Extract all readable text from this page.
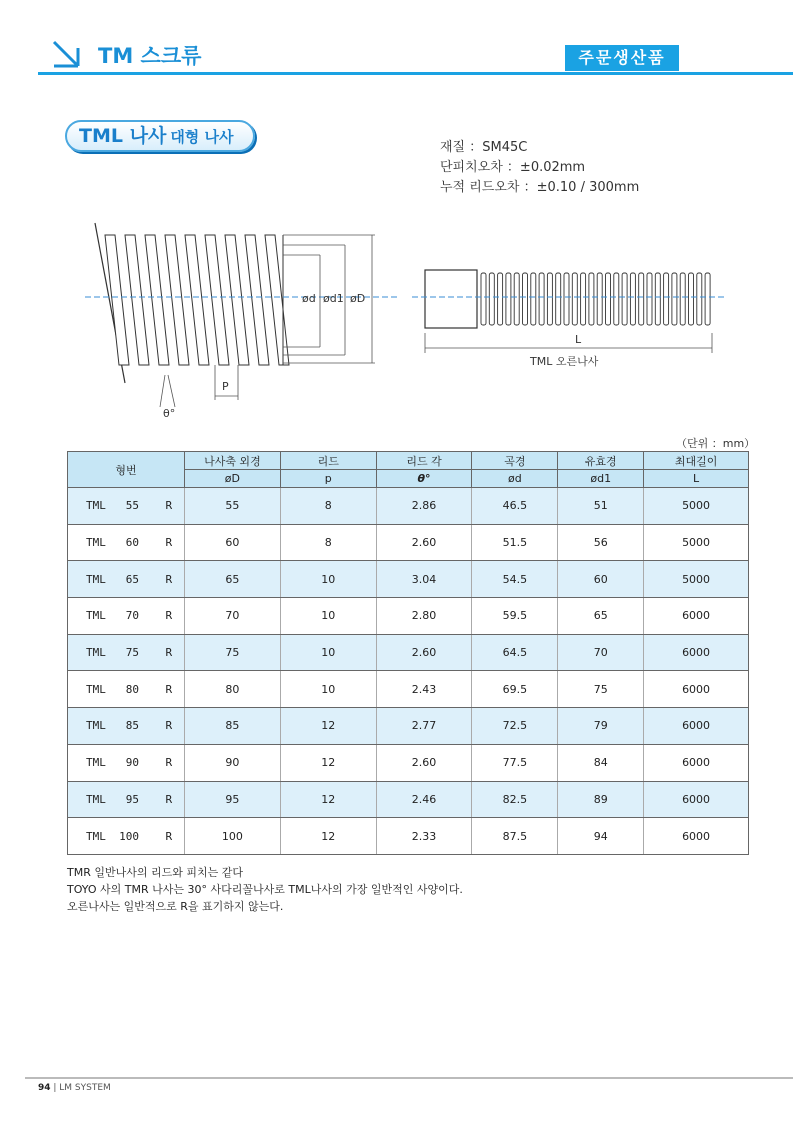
TM 스크류	주문생산품
TML 나사 대형 나사
재질 ：SM45C
단피치오차 ：±0.02mm
누적 리드오차 ：±0.10 / 300mm
ød ød1 øD
P
θ°
L
TML 오른나사
（단위 ：mm）
형번	나사축 외경	리드	리드 각	곡경	유효경	최대길이
	øD	p	θ°	ød	ød1	L
TML   55    R	55	8	2.86	46.5	51	5000
TML   60    R	60	8	2.60	51.5	56	5000
TML   65    R	65	10	3.04	54.5	60	5000
TML   70    R	70	10	2.80	59.5	65	6000
TML   75    R	75	10	2.60	64.5	70	6000
TML   80    R	80	10	2.43	69.5	75	6000
TML   85    R	85	12	2.77	72.5	79	6000
TML   90    R	90	12	2.60	77.5	84	6000
TML   95    R	95	12	2.46	82.5	89	6000
TML  100    R	100	12	2.33	87.5	94	6000
TMR 일반나사의 리드와 피치는 같다
TOYO 사의 TMR 나사는 30° 사다리꼴나사로 TML나사의 가장 일반적인 사양이다.
오른나사는 일반적으로 R을 표기하지 않는다.
94 | LM SYSTEM
